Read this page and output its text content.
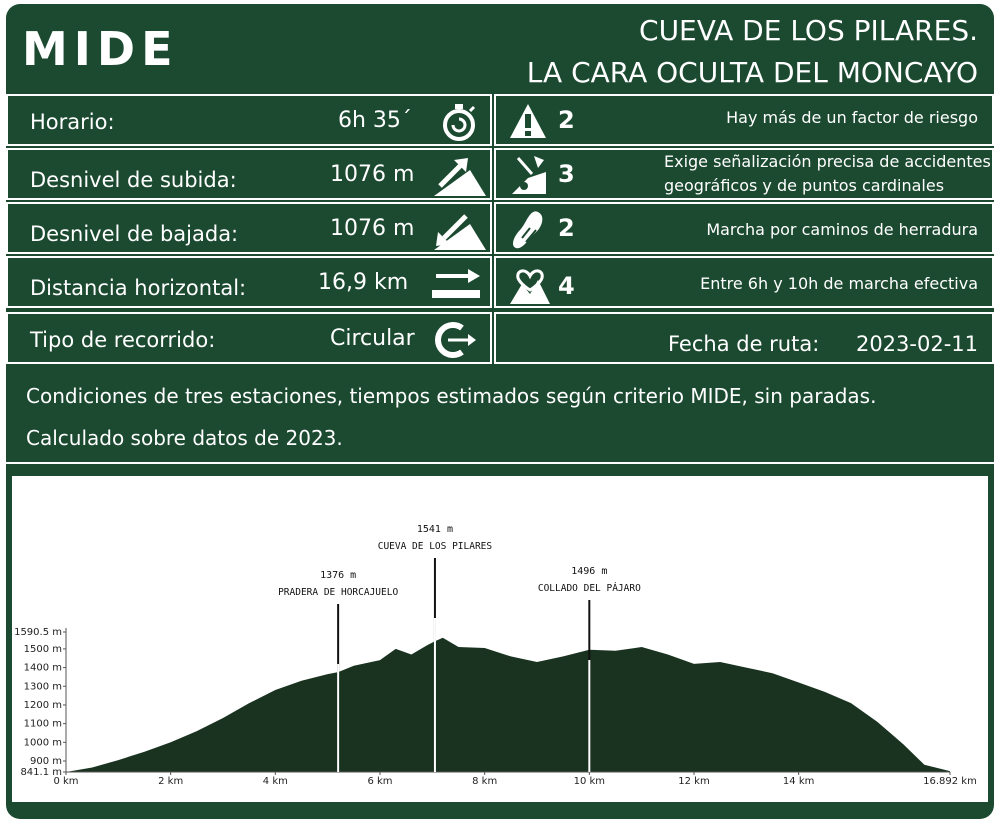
MIDE	CUEVA DE LOS PILARES.
LA CARA OCULTA DEL MONCAYO
Horario:	6h 35´
Desnivel de subida:	1076 m
Desnivel de bajada:	1076 m
Distancia horizontal:	16,9 km
Tipo de recorrido:	Circular
2	Hay más de un factor de riesgo
3	Exige señalización precisa de accidentes
geográficos y de puntos cardinales
2	Marcha por caminos de herradura
4	Entre 6h y 10h de marcha efectiva
Fecha de ruta: 2023-02-11
Condiciones de tres estaciones, tiempos estimados según criterio MIDE, sin paradas.
Calculado sobre datos de 2023.
1590.5 m
1500 m
1400 m
1300 m
1200 m
1100 m
1000 m
900 m
841.1 m
0 km	2 km	4 km	6 km	8 km	10 km	12 km	14 km	16.892 km
1376 m
PRADERA DE HORCAJUELO
1541 m
CUEVA DE LOS PILARES
1496 m
COLLADO DEL PÁJARO
